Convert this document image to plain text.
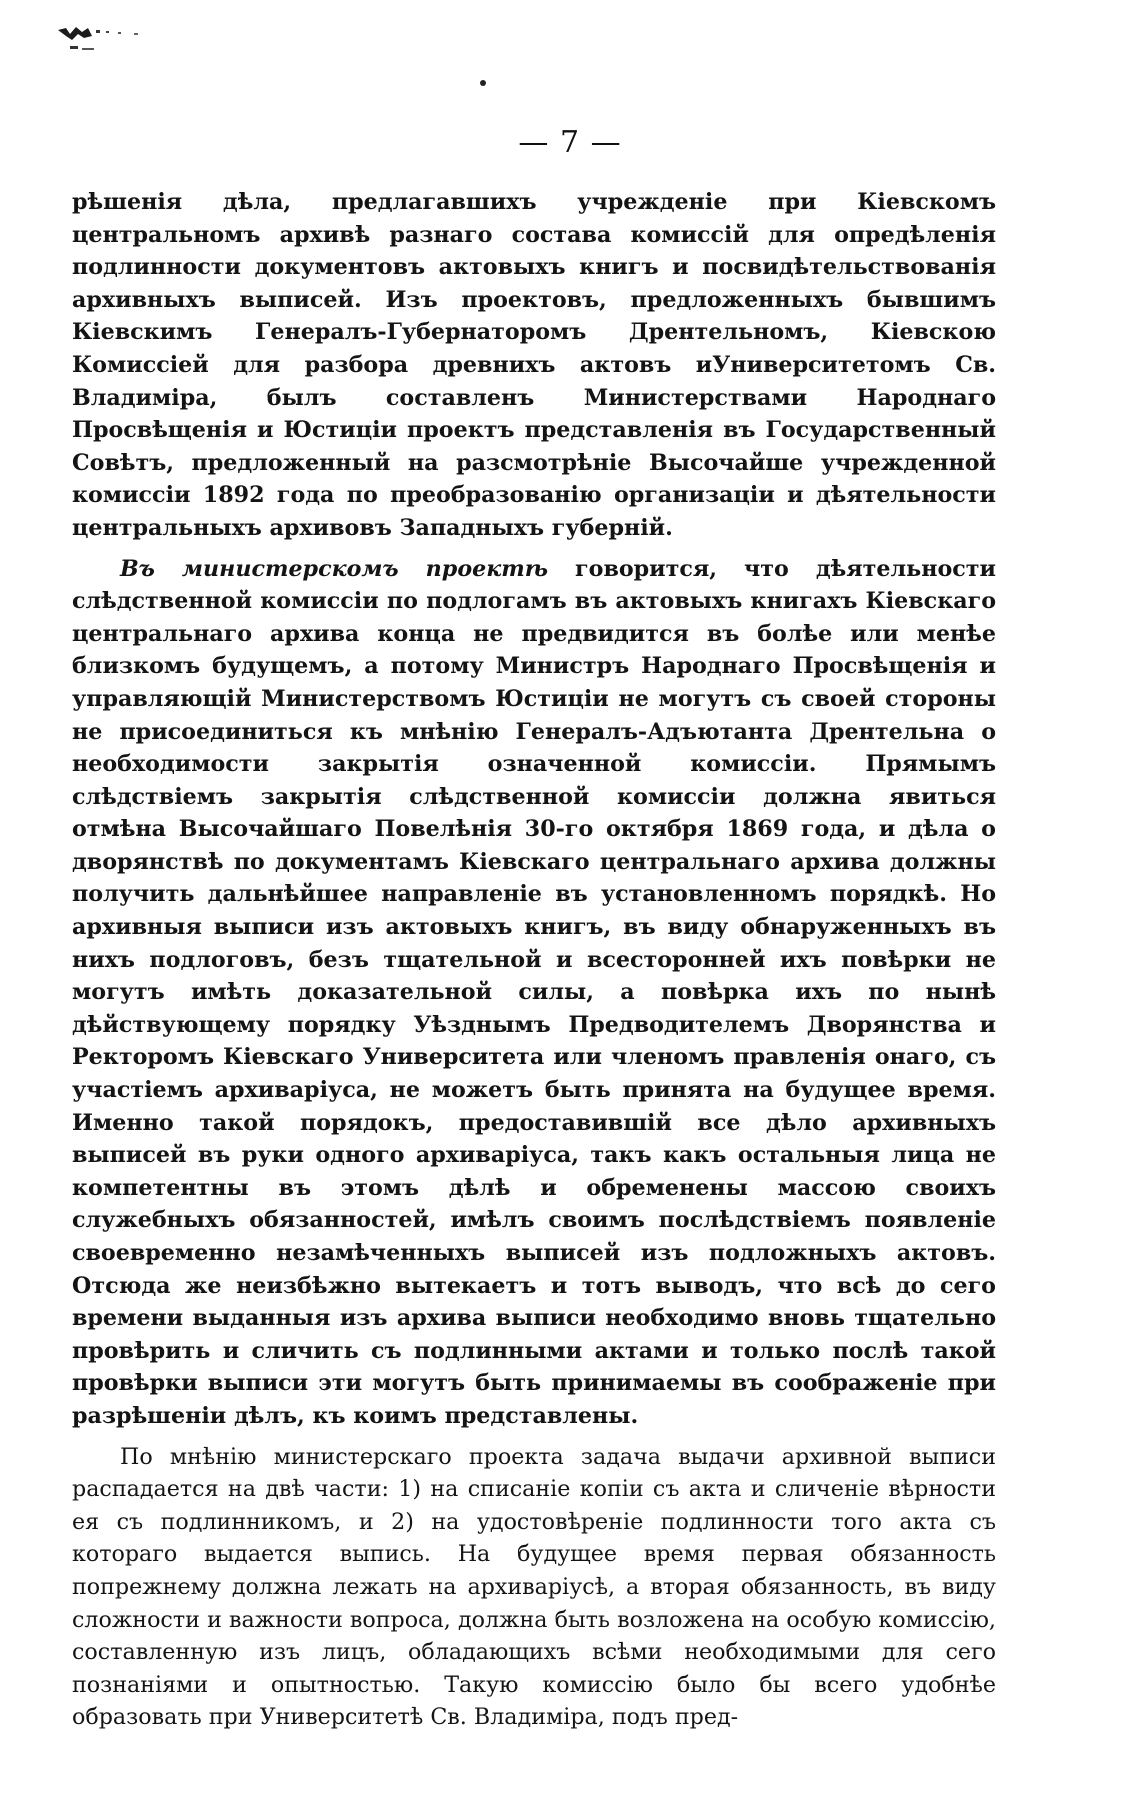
— 7 —

рѣшенія дѣла, предлагавшихъ учрежденіе при Кіевскомъ центральномъ архивѣ разнаго состава комиссій для опредѣленія подлинности документовъ актовыхъ книгъ и посвидѣтельствованія архивныхъ выписей. Изъ проектовъ, предложенныхъ бывшимъ Кіевскимъ Генералъ-Губернаторомъ Дрентельномъ, Кіевскою Комиссіей для разбора древнихъ актовъ иУниверситетомъ Св. Владиміра, былъ составленъ Министерствами Народнаго Просвѣщенія и Юстиціи проектъ представленія въ Государственный Совѣтъ, предложенный на разсмотрѣніе Высочайше учрежденной комиссіи 1892 года по преобразованію организаціи и дѣятельности центральныхъ архивовъ Западныхъ губерній.

Въ министерскомъ проектѣ говорится, что дѣятельности слѣдственной комиссіи по подлогамъ въ актовыхъ книгахъ Кіевскаго центральнаго архива конца не предвидится въ болѣе или менѣе близкомъ будущемъ, а потому Министръ Народнаго Просвѣщенія и управляющій Министерствомъ Юстиціи не могутъ съ своей стороны не присоединиться къ мнѣнію Генералъ-Адъютанта Дрентельна о необходимости закрытія означенной комиссіи. Прямымъ слѣдствіемъ закрытія слѣдственной комиссіи должна явиться отмѣна Высочайшаго Повелѣнія 30-го октября 1869 года, и дѣла о дворянствѣ по документамъ Кіевскаго центральнаго архива должны получить дальнѣйшее направленіе въ установленномъ порядкѣ. Но архивныя выписи изъ актовыхъ книгъ, въ виду обнаруженныхъ въ нихъ подлоговъ, безъ тщательной и всесторонней ихъ повѣрки не могутъ имѣть доказательной силы, а повѣрка ихъ по нынѣ дѣйствующему порядку Уѣзднымъ Предводителемъ Дворянства и Ректоромъ Кіевскаго Университета или членомъ правленія онаго, съ участіемъ архиваріуса, не можетъ быть принята на будущее время. Именно такой порядокъ, предоставившій все дѣло архивныхъ выписей въ руки одного архиваріуса, такъ какъ остальныя лица не компетентны въ этомъ дѣлѣ и обременены массою своихъ служебныхъ обязанностей, имѣлъ своимъ послѣдствіемъ появленіе своевременно незамѣченныхъ выписей изъ подложныхъ актовъ. Отсюда же неизбѣжно вытекаетъ и тотъ выводъ, что всѣ до сего времени выданныя изъ архива выписи необходимо вновь тщательно провѣрить и сличить съ подлинными актами и только послѣ такой провѣрки выписи эти могутъ быть принимаемы въ соображеніе при разрѣшеніи дѣлъ, къ коимъ представлены.

По мнѣнію министерскаго проекта задача выдачи архивной выписи распадается на двѣ части: 1) на списаніе копіи съ акта и сличеніе вѣрности ея съ подлинникомъ, и 2) на удостовѣреніе подлинности того акта съ котораго выдается выпись. На будущее время первая обязанность попрежнему должна лежать на архиваріусѣ, а вторая обязанность, въ виду сложности и важности вопроса, должна быть возложена на особую комиссію, составленную изъ лицъ, обладающихъ всѣми необходимыми для сего познаніями и опытностью. Такую комиссію было бы всего удобнѣе образовать при Университетѣ Св. Владиміра, подъ пред-
